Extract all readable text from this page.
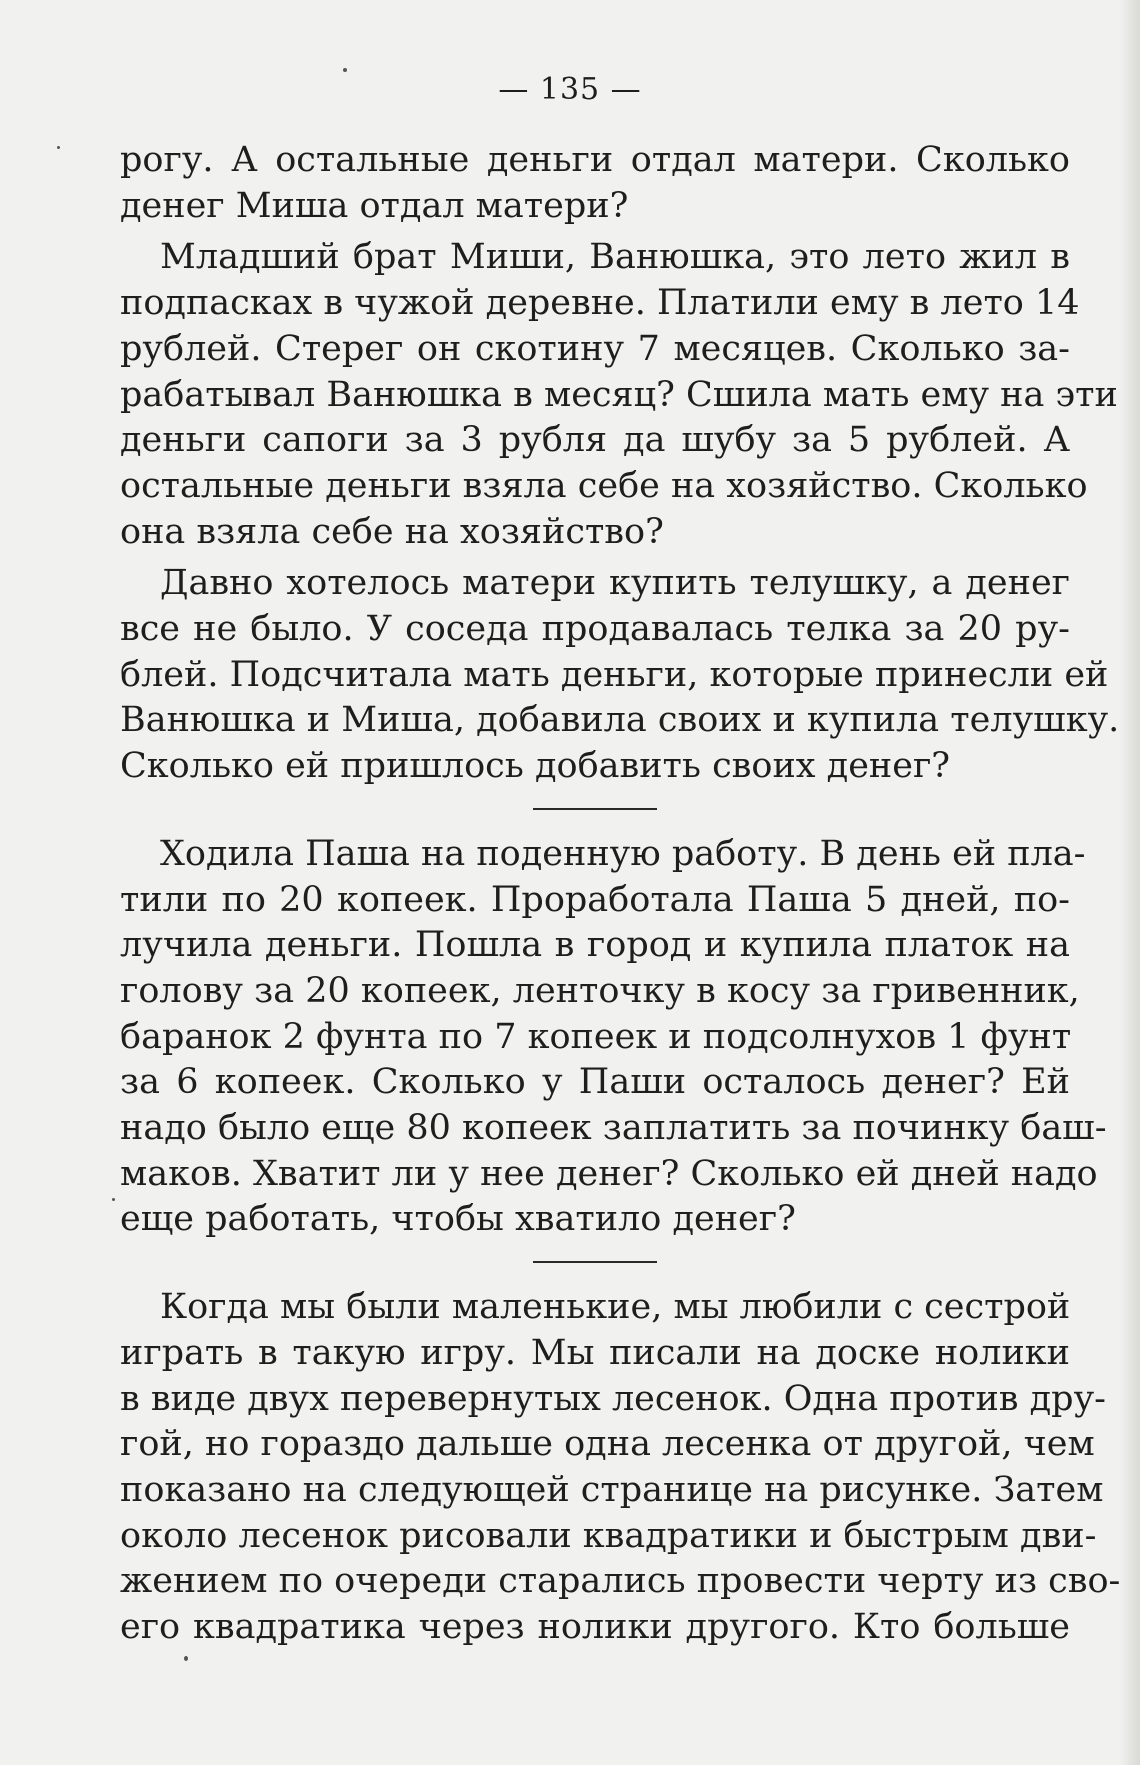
— 135 —

рогу. А остальные деньги отдал матери. Сколько
денег Миша отдал матери?

Младший брат Миши, Ванюшка, это лето жил в
подпасках в чужой деревне. Платили ему в лето 14
рублей. Стерег он скотину 7 месяцев. Сколько за-
рабатывал Ванюшка в месяц? Сшила мать ему на эти
деньги сапоги за 3 рубля да шубу за 5 рублей. А
остальные деньги взяла себе на хозяйство. Сколько
она взяла себе на хозяйство?

Давно хотелось матери купить телушку, а денег
все не было. У соседа продавалась телка за 20 ру-
блей. Подсчитала мать деньги, которые принесли ей
Ванюшка и Миша, добавила своих и купила телушку.
Сколько ей пришлось добавить своих денег?

Ходила Паша на поденную работу. В день ей пла-
тили по 20 копеек. Проработала Паша 5 дней, по-
лучила деньги. Пошла в город и купила платок на
голову за 20 копеек, ленточку в косу за гривенник,
баранок 2 фунта по 7 копеек и подсолнухов 1 фунт
за 6 копеек. Сколько у Паши осталось денег? Ей
надо было еще 80 копеек заплатить за починку баш-
маков. Хватит ли у нее денег? Сколько ей дней надо
еще работать, чтобы хватило денег?

Когда мы были маленькие, мы любили с сестрой
играть в такую игру. Мы писали на доске нолики
в виде двух перевернутых лесенок. Одна против дру-
гой, но гораздо дальше одна лесенка от другой, чем
показано на следующей странице на рисунке. Затем
около лесенок рисовали квадратики и быстрым дви-
жением по очереди старались провести черту из сво-
его квадратика через нолики другого. Кто больше
